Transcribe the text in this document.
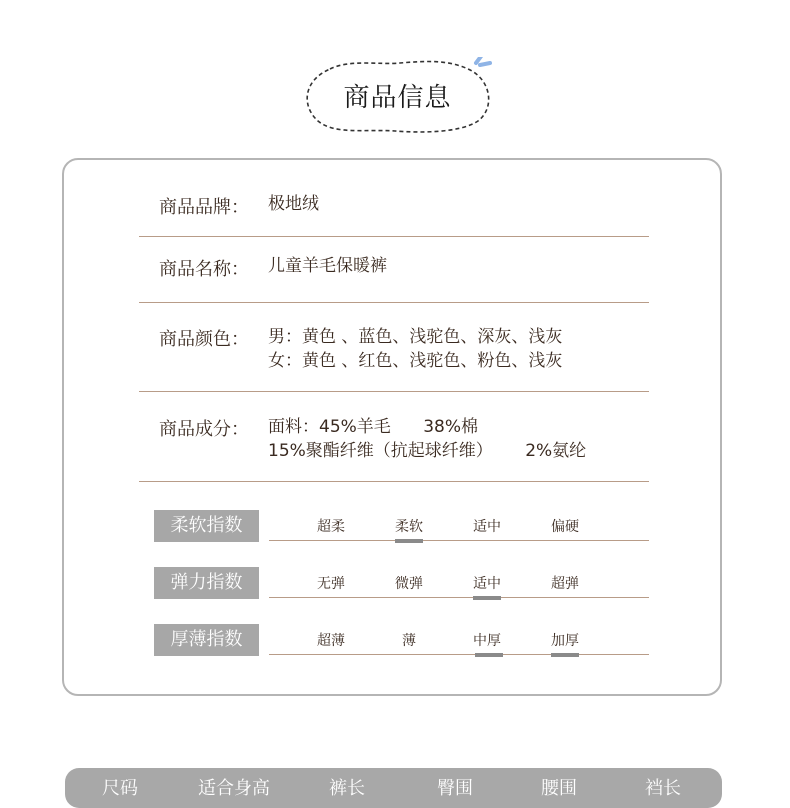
商品信息
商品品牌： 极地绒
商品名称： 儿童羊毛保暖裤
商品颜色： 男：黄色 、蓝色、浅驼色、深灰、浅灰
女：黄色 、红色、浅驼色、粉色、浅灰
商品成分： 面料：45%羊毛      38%棉
15%聚酯纤维（抗起球纤维）      2%氨纶
柔软指数	超柔	柔软	适中	偏硬
弹力指数	无弹	微弹	适中	超弹
厚薄指数	超薄	薄	中厚	加厚
尺码	适合身高	裤长	臀围	腰围	裆长
